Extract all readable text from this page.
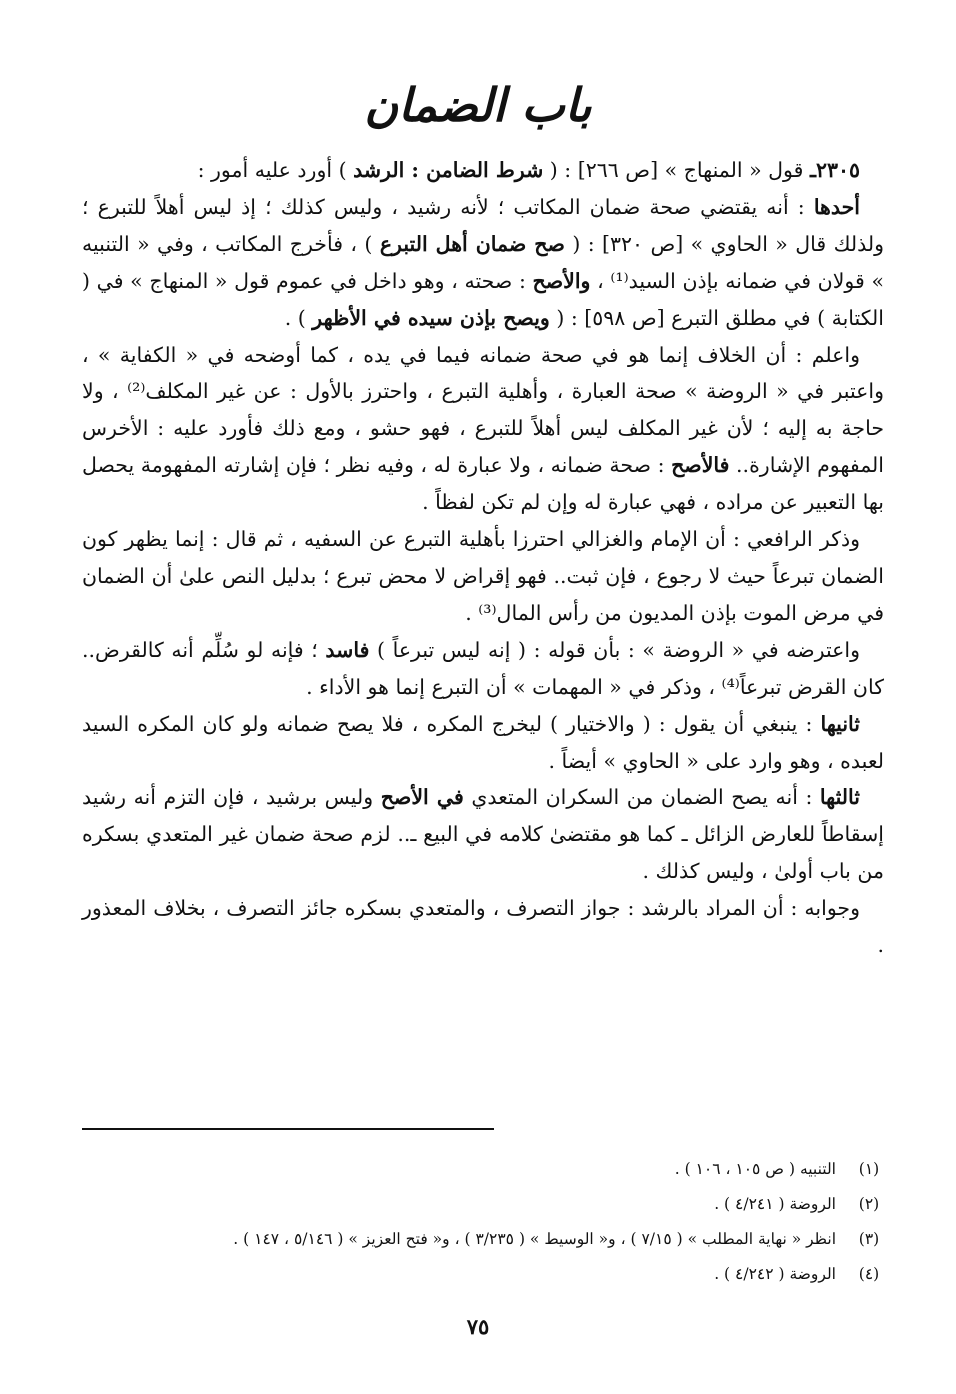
باب الضمان

٢٣٠٥ـ قول « المنهاج » [ص ٢٦٦] : ( شرط الضامن : الرشد ) أورد عليه أمور :

أحدها : أنه يقتضي صحة ضمان المكاتب ؛ لأنه رشيد ، وليس كذلك ؛ إذ ليس أهلاً للتبرع ؛ ولذلك قال « الحاوي » [ص ٣٢٠] : ( صح ضمان أهل التبرع ) ، فأخرج المكاتب ، وفي « التنبيه » قولان في ضمانه بإذن السيد⁽¹⁾ ، والأصح : صحته ، وهو داخل في عموم قول « المنهاج » في ( الكتابة ) في مطلق التبرع [ص ٥٩٨] : ( ويصح بإذن سيده في الأظهر ) .

واعلم : أن الخلاف إنما هو في صحة ضمانه فيما في يده ، كما أوضحه في « الكفاية » ، واعتبر في « الروضة » صحة العبارة ، وأهلية التبرع ، واحترز بالأول : عن غير المكلف⁽²⁾ ، ولا حاجة به إليه ؛ لأن غير المكلف ليس أهلاً للتبرع ، فهو حشو ، ومع ذلك فأورد عليه : الأخرس المفهوم الإشارة.. فالأصح : صحة ضمانه ، ولا عبارة له ، وفيه نظر ؛ فإن إشارته المفهومة يحصل بها التعبير عن مراده ، فهي عبارة له وإن لم تكن لفظاً .

وذكر الرافعي : أن الإمام والغزالي احترزا بأهلية التبرع عن السفيه ، ثم قال : إنما يظهر كون الضمان تبرعاً حيث لا رجوع ، فإن ثبت.. فهو إقراض لا محض تبرع ؛ بدليل النص علىٰ أن الضمان في مرض الموت بإذن المديون من رأس المال⁽³⁾ .

واعترضه في « الروضة » : بأن قوله : ( إنه ليس تبرعاً ) فاسد ؛ فإنه لو سُلِّم أنه كالقرض.. كان القرض تبرعاً⁽⁴⁾ ، وذكر في « المهمات » أن التبرع إنما هو الأداء .

ثانيها : ينبغي أن يقول : ( والاختيار ) ليخرج المكره ، فلا يصح ضمانه ولو كان المكره السيد لعبده ، وهو وارد على « الحاوي » أيضاً .

ثالثها : أنه يصح الضمان من السكران المتعدي في الأصح وليس برشيد ، فإن التزم أنه رشيد إسقاطاً للعارض الزائل ـ كما هو مقتضىٰ كلامه في البيع ـ.. لزم صحة ضمان غير المتعدي بسكره من باب أولىٰ ، وليس كذلك .

وجوابه : أن المراد بالرشد : جواز التصرف ، والمتعدي بسكره جائز التصرف ، بخلاف المعذور .

(١)
التنبيه ( ص ١٠٥ ، ١٠٦ ) .
(٢)
الروضة ( ٤/٢٤١ ) .
(٣)
انظر « نهاية المطلب » ( ٧/١٥ ) ، و« الوسيط » ( ٣/٢٣٥ ) ، و« فتح العزيز » ( ٥/١٤٦ ، ١٤٧ ) .
(٤)
الروضة ( ٤/٢٤٢ ) .
٧٥
